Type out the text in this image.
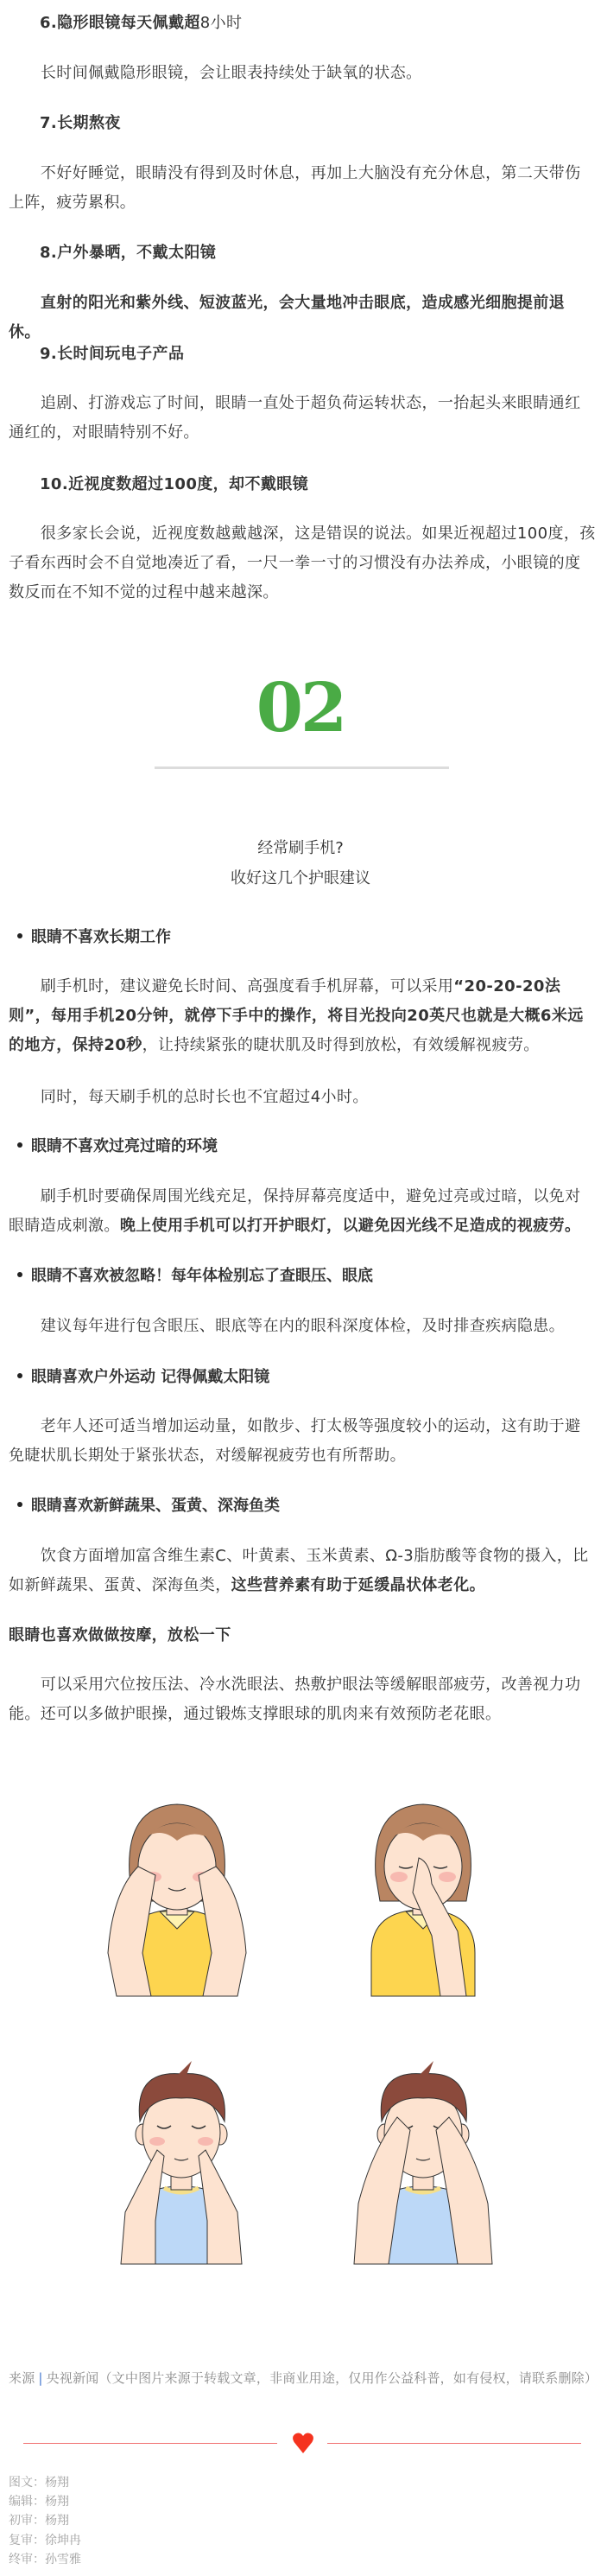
6.隐形眼镜每天佩戴超8小时
长时间佩戴隐形眼镜，会让眼表持续处于缺氧的状态。
7.长期熬夜
不好好睡觉，眼睛没有得到及时休息，再加上大脑没有充分休息，第二天带伤上阵，疲劳累积。
8.户外暴晒，不戴太阳镜
直射的阳光和紫外线、短波蓝光，会大量地冲击眼底，造成感光细胞提前退休。
9.长时间玩电子产品
追剧、打游戏忘了时间，眼睛一直处于超负荷运转状态，一抬起头来眼睛通红通红的，对眼睛特别不好。
10.近视度数超过100度，却不戴眼镜
很多家长会说，近视度数越戴越深，这是错误的说法。如果近视超过100度，孩子看东西时会不自觉地凑近了看，一尺一拳一寸的习惯没有办法养成，小眼镜的度数反而在不知不觉的过程中越来越深。
02
经常刷手机?
收好这几个护眼建议
眼睛不喜欢长期工作
刷手机时，建议避免长时间、高强度看手机屏幕，可以采用“20-20-20法则”，每用手机20分钟，就停下手中的操作，将目光投向20英尺也就是大概6米远的地方，保持20秒，让持续紧张的睫状肌及时得到放松，有效缓解视疲劳。
同时，每天刷手机的总时长也不宜超过4小时。
眼睛不喜欢过亮过暗的环境
刷手机时要确保周围光线充足，保持屏幕亮度适中，避免过亮或过暗，以免对眼睛造成刺激。晚上使用手机可以打开护眼灯，以避免因光线不足造成的视疲劳。
眼睛不喜欢被忽略！每年体检别忘了查眼压、眼底
建议每年进行包含眼压、眼底等在内的眼科深度体检，及时排查疾病隐患。
眼睛喜欢户外运动 记得佩戴太阳镜
老年人还可适当增加运动量，如散步、打太极等强度较小的运动，这有助于避免睫状肌长期处于紧张状态，对缓解视疲劳也有所帮助。
眼睛喜欢新鲜蔬果、蛋黄、深海鱼类
饮食方面增加富含维生素C、叶黄素、玉米黄素、Ω-3脂肪酸等食物的摄入，比如新鲜蔬果、蛋黄、深海鱼类，这些营养素有助于延缓晶状体老化。
眼睛也喜欢做做按摩，放松一下
可以采用穴位按压法、冷水洗眼法、热敷护眼法等缓解眼部疲劳，改善视力功能。还可以多做护眼操，通过锻炼支撑眼球的肌肉来有效预防老花眼。
来源 | 央视新闻（文中图片来源于转载文章，非商业用途，仅用作公益科普，如有侵权，请联系删除）
图文：杨翔
编辑：杨翔
初审：杨翔
复审：徐坤冉
终审：孙雪雅
